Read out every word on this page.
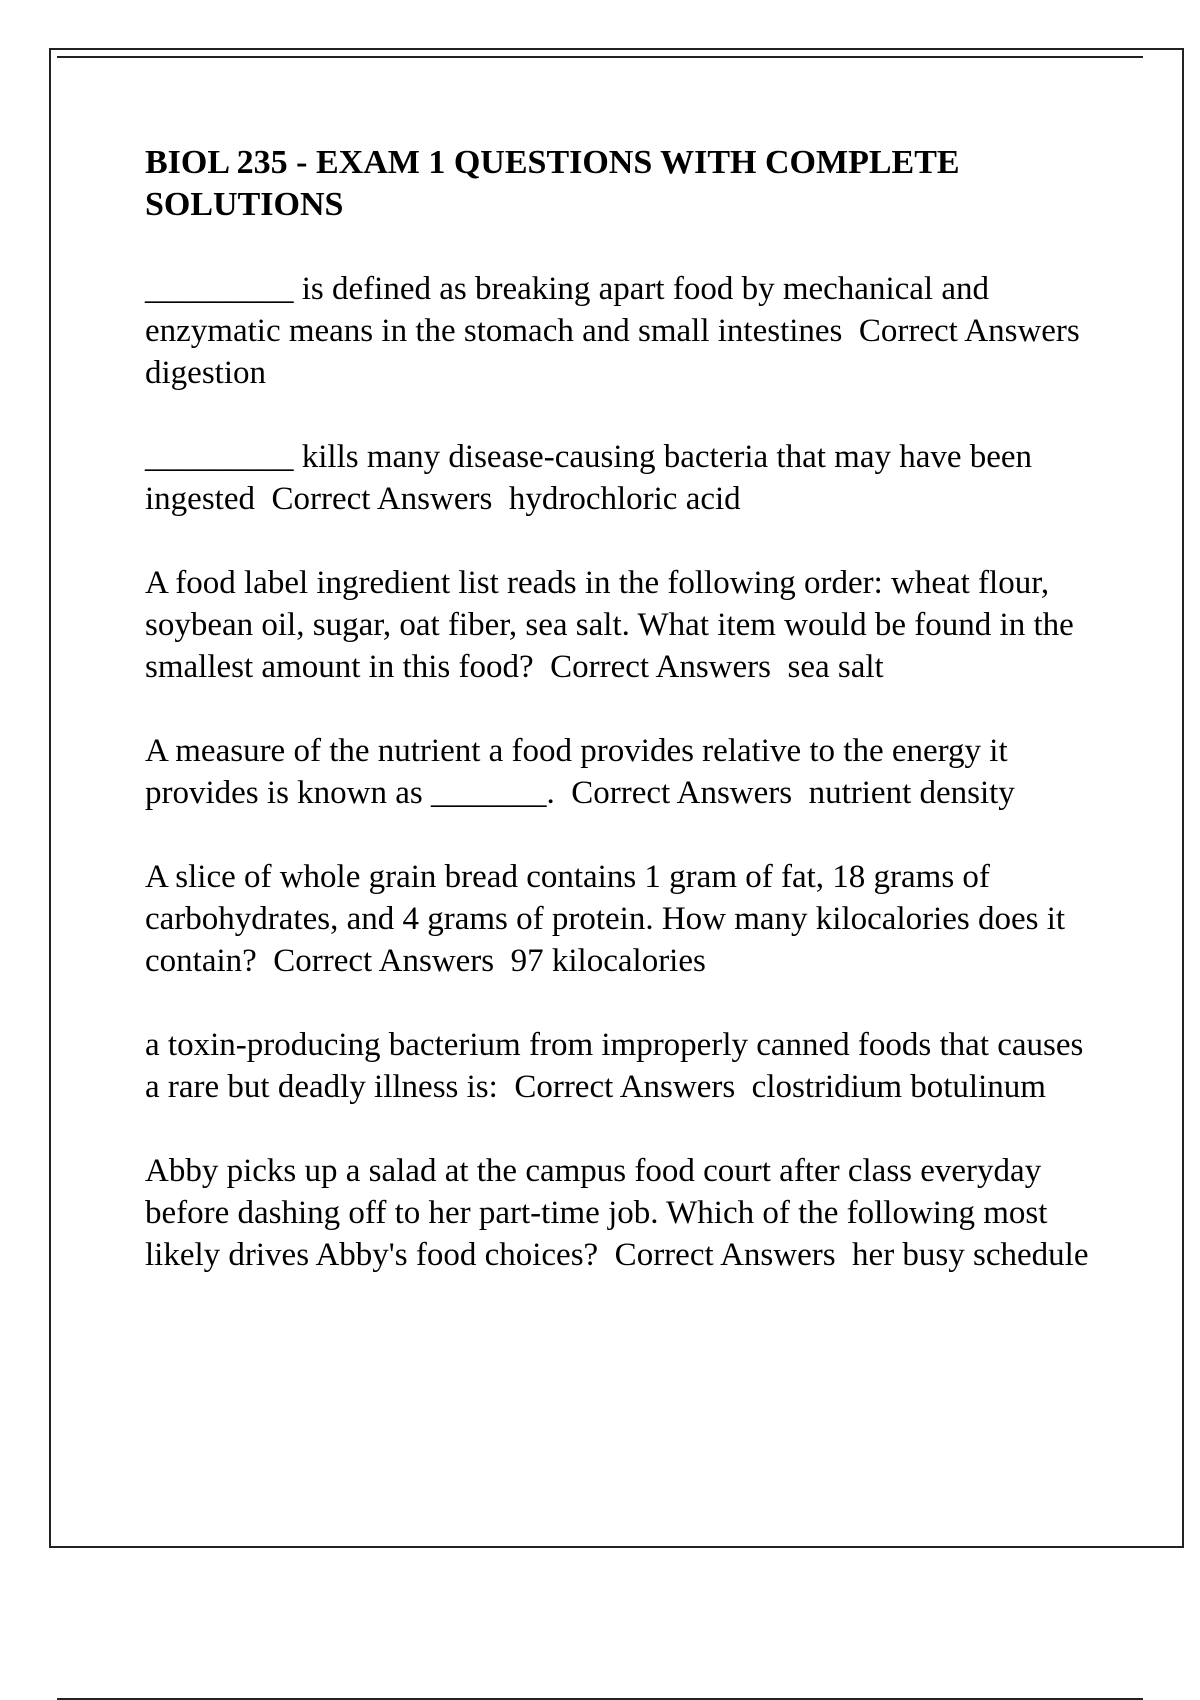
BIOL 235 - EXAM 1 QUESTIONS WITH COMPLETE SOLUTIONS

_________ is defined as breaking apart food by mechanical and enzymatic means in the stomach and small intestines  Correct Answers  digestion

_________ kills many disease-causing bacteria that may have been ingested  Correct Answers  hydrochloric acid

A food label ingredient list reads in the following order: wheat flour, soybean oil, sugar, oat fiber, sea salt. What item would be found in the smallest amount in this food?  Correct Answers  sea salt

A measure of the nutrient a food provides relative to the energy it provides is known as _______.  Correct Answers  nutrient density

A slice of whole grain bread contains 1 gram of fat, 18 grams of carbohydrates, and 4 grams of protein. How many kilocalories does it contain?  Correct Answers  97 kilocalories

a toxin-producing bacterium from improperly canned foods that causes a rare but deadly illness is:  Correct Answers  clostridium botulinum

Abby picks up a salad at the campus food court after class everyday before dashing off to her part-time job. Which of the following most likely drives Abby's food choices?  Correct Answers  her busy schedule
